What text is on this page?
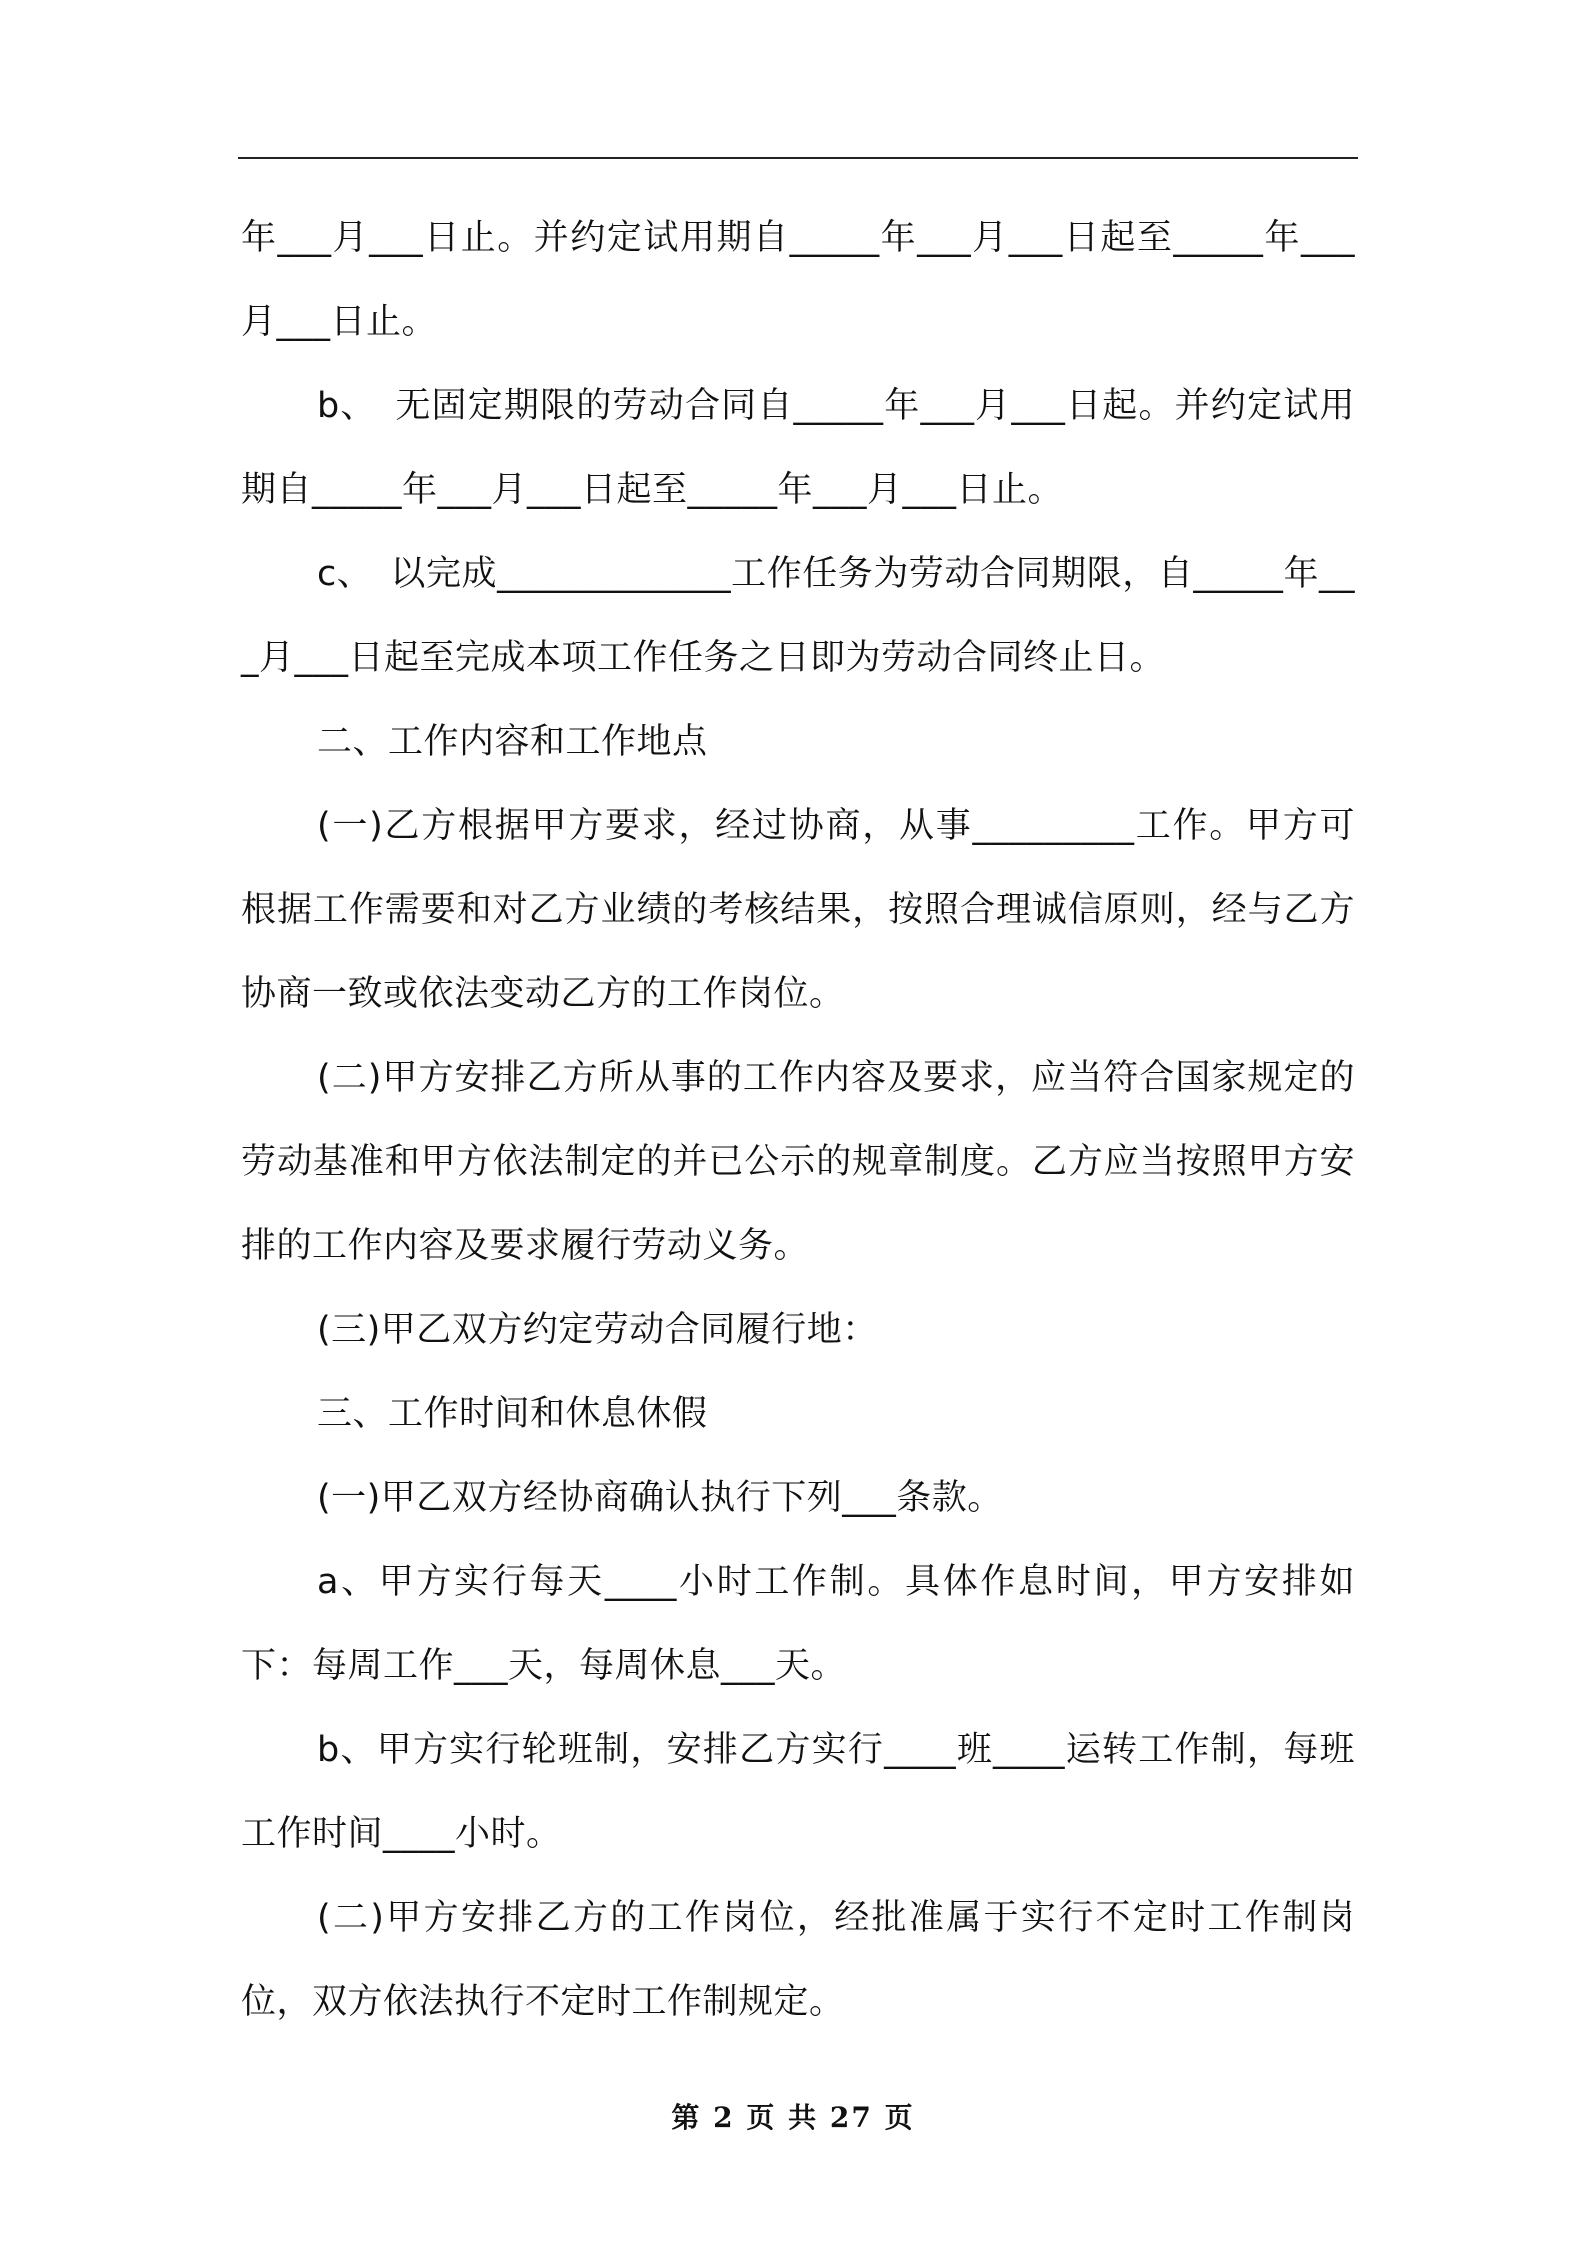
年___月___日止。并约定试用期自_____年___月___日起至_____年___月___日止。

b、　无固定期限的劳动合同自_____年___月___日起。并约定试用期自_____年___月___日起至_____年___月___日止。

c、　以完成_____________工作任务为劳动合同期限，自_____年___月___日起至完成本项工作任务之日即为劳动合同终止日。

二、工作内容和工作地点

(一)乙方根据甲方要求，经过协商，从事_________工作。甲方可根据工作需要和对乙方业绩的考核结果，按照合理诚信原则，经与乙方协商一致或依法变动乙方的工作岗位。

(二)甲方安排乙方所从事的工作内容及要求，应当符合国家规定的劳动基准和甲方依法制定的并已公示的规章制度。乙方应当按照甲方安排的工作内容及要求履行劳动义务。

(三)甲乙双方约定劳动合同履行地：

三、工作时间和休息休假

(一)甲乙双方经协商确认执行下列___条款。

a、甲方实行每天____小时工作制。具体作息时间，甲方安排如下：每周工作___天，每周休息___天。

b、甲方实行轮班制，安排乙方实行____班____运转工作制，每班工作时间____小时。

(二)甲方安排乙方的工作岗位，经批准属于实行不定时工作制岗位，双方依法执行不定时工作制规定。

第 2 页 共 27 页
